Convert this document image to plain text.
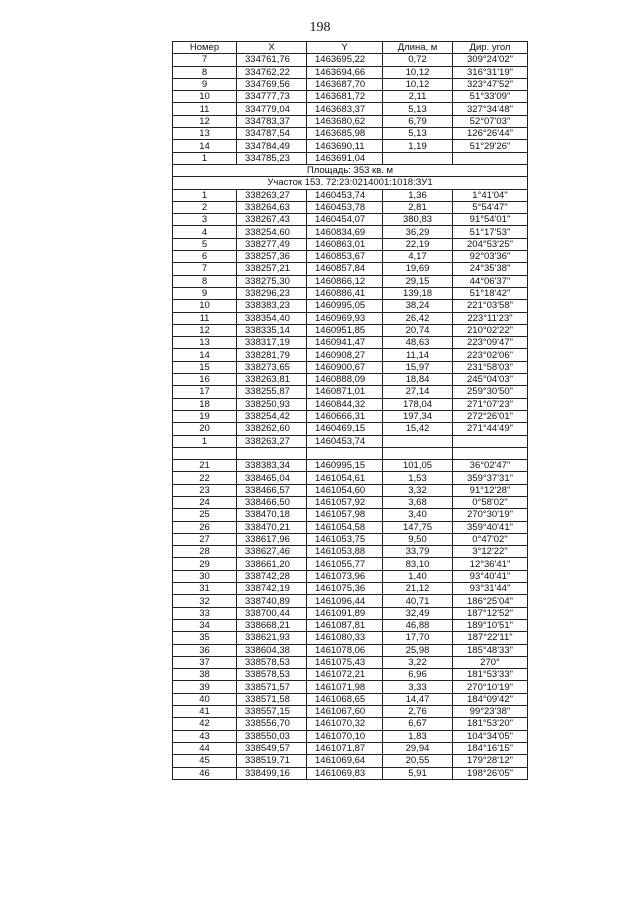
198
Номер	X	Y	Длина, м	Дир. угол
7	334761,76	1463695,22	0,72	309°24'02"
8	334762,22	1463694,66	10,12	316°31'19"
9	334769,56	1463687,70	10,12	323°47'52"
10	334777,73	1463681,72	2,11	51°33'09"
11	334779,04	1463683,37	5,13	327°34'48"
12	334783,37	1463680,62	6,79	52°07'03"
13	334787,54	1463685,98	5,13	126°26'44"
14	334784,49	1463690,11	1,19	51°29'26"
1	334785,23	1463691,04		
Площадь: 353 кв. м				
Участок 153. 72:23:0214001:1018:ЗУ1				
1	338263,27	1460453,74	1,36	1°41'04"
2	338264,63	1460453,78	2,81	5°54'47"
3	338267,43	1460454,07	380,83	91°54'01"
4	338254,60	1460834,69	36,29	51°17'53"
5	338277,49	1460863,01	22,19	204°53'25"
6	338257,36	1460853,67	4,17	92°03'36"
7	338257,21	1460857,84	19,69	24°35'38"
8	338275,30	1460866,12	29,15	44°06'37"
9	338296,23	1460886,41	139,18	51°18'42"
10	338383,23	1460995,05	38,24	221°03'58"
11	338354,40	1460969,93	26,42	223°11'23"
12	338335,14	1460951,85	20,74	210°02'22"
13	338317,19	1460941,47	48,63	223°09'47"
14	338281,79	1460908,27	11,14	223°02'06"
15	338273,65	1460900,67	15,97	231°58'03"
16	338263,81	1460888,09	18,84	245°04'03"
17	338255,87	1460871,01	27,14	259°30'50"
18	338250,93	1460844,32	178,04	271°07'23"
19	338254,42	1460666,31	197,34	272°26'01"
20	338262,60	1460469,15	15,42	271°44'49"
1	338263,27	1460453,74		

21	338383,34	1460995,15	101,05	36°02'47"
22	338465,04	1461054,61	1,53	359°37'31"
23	338466,57	1461054,60	3,32	91°12'28"
24	338466,50	1461057,92	3,68	0°58'02"
25	338470,18	1461057,98	3,40	270°30'19"
26	338470,21	1461054,58	147,75	359°40'41"
27	338617,96	1461053,75	9,50	0°47'02"
28	338627,46	1461053,88	33,79	3°12'22"
29	338661,20	1461055,77	83,10	12°36'41"
30	338742,28	1461073,96	1,40	93°40'41"
31	338742,19	1461075,36	21,12	93°31'44"
32	338740,89	1461096,44	40,71	186°25'04"
33	338700,44	1461091,89	32,49	187°12'52"
34	338668,21	1461087,81	46,88	189°10'51"
35	338621,93	1461080,33	17,70	187°22'11"
36	338604,38	1461078,06	25,98	185°48'33"
37	338578,53	1461075,43	3,22	270°
38	338578,53	1461072,21	6,96	181°53'33"
39	338571,57	1461071,98	3,33	270°10'19"
40	338571,58	1461068,65	14,47	184°09'42"
41	338557,15	1461067,60	2,76	99°23'38"
42	338556,70	1461070,32	6,67	181°53'20"
43	338550,03	1461070,10	1,83	104°34'05"
44	338549,57	1461071,87	29,94	184°16'15"
45	338519,71	1461069,64	20,55	179°28'12"
46	338499,16	1461069,83	5,91	198°26'05"
